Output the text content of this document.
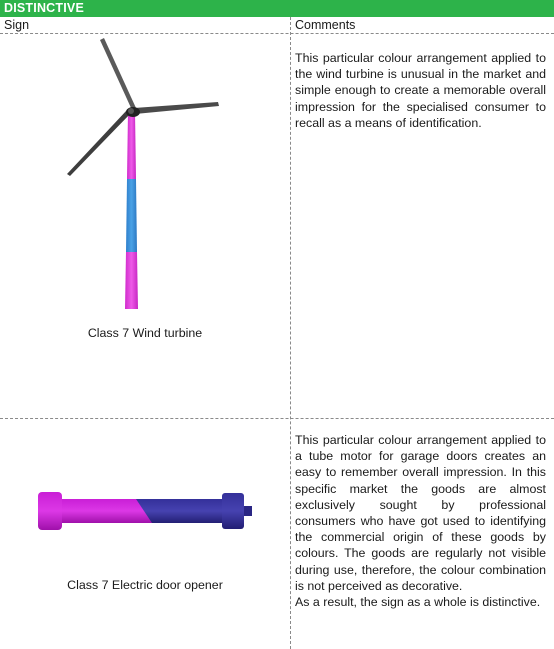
DISTINCTIVE
Sign	Comments
Class 7 Wind turbine

This particular colour arrangement applied to the wind turbine is unusual in the market and simple enough to create a memorable overall impression for the specialised consumer to recall as a means of identification.

Class 7 Electric door opener

This particular colour arrangement applied to a tube motor for garage doors creates an easy to remember overall impression. In this specific market the goods are almost exclusively sought by professional consumers who have got used to identifying the commercial origin of these goods by colours. The goods are regularly not visible during use, therefore, the colour combination is not perceived as decorative.

As a result, the sign as a whole is distinctive.
